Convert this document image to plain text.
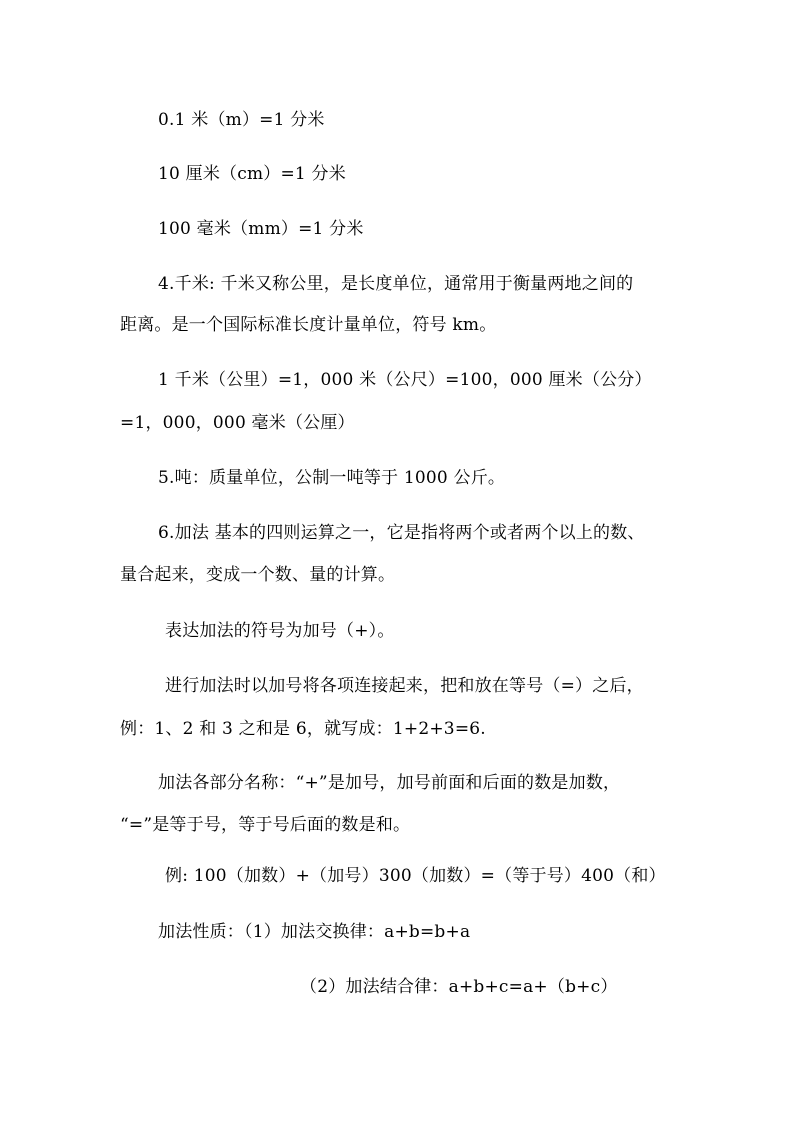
0.1 米（m）=1 分米
10 厘米（cm）=1 分米
100 毫米（mm）=1 分米
4.千米: 千米又称公里，是长度单位，通常用于衡量两地之间的
距离。是一个国际标准长度计量单位，符号 km。
1 千米（公里）=1，000 米（公尺）=100，000 厘米（公分）
=1，000，000 毫米（公厘）
5.吨：质量单位，公制一吨等于 1000 公斤。
6.加法 基本的四则运算之一，它是指将两个或者两个以上的数、
量合起来，变成一个数、量的计算。
表达加法的符号为加号（+）。
进行加法时以加号将各项连接起来，把和放在等号（=）之后，
例：1、2 和 3 之和是 6，就写成：1+2+3=6.
加法各部分名称：“+”是加号，加号前面和后面的数是加数，
“=”是等于号，等于号后面的数是和。
例: 100（加数）+（加号）300（加数）=（等于号）400（和）
加法性质：（1）加法交换律：a+b=b+a
（2）加法结合律：a+b+c=a+（b+c）
